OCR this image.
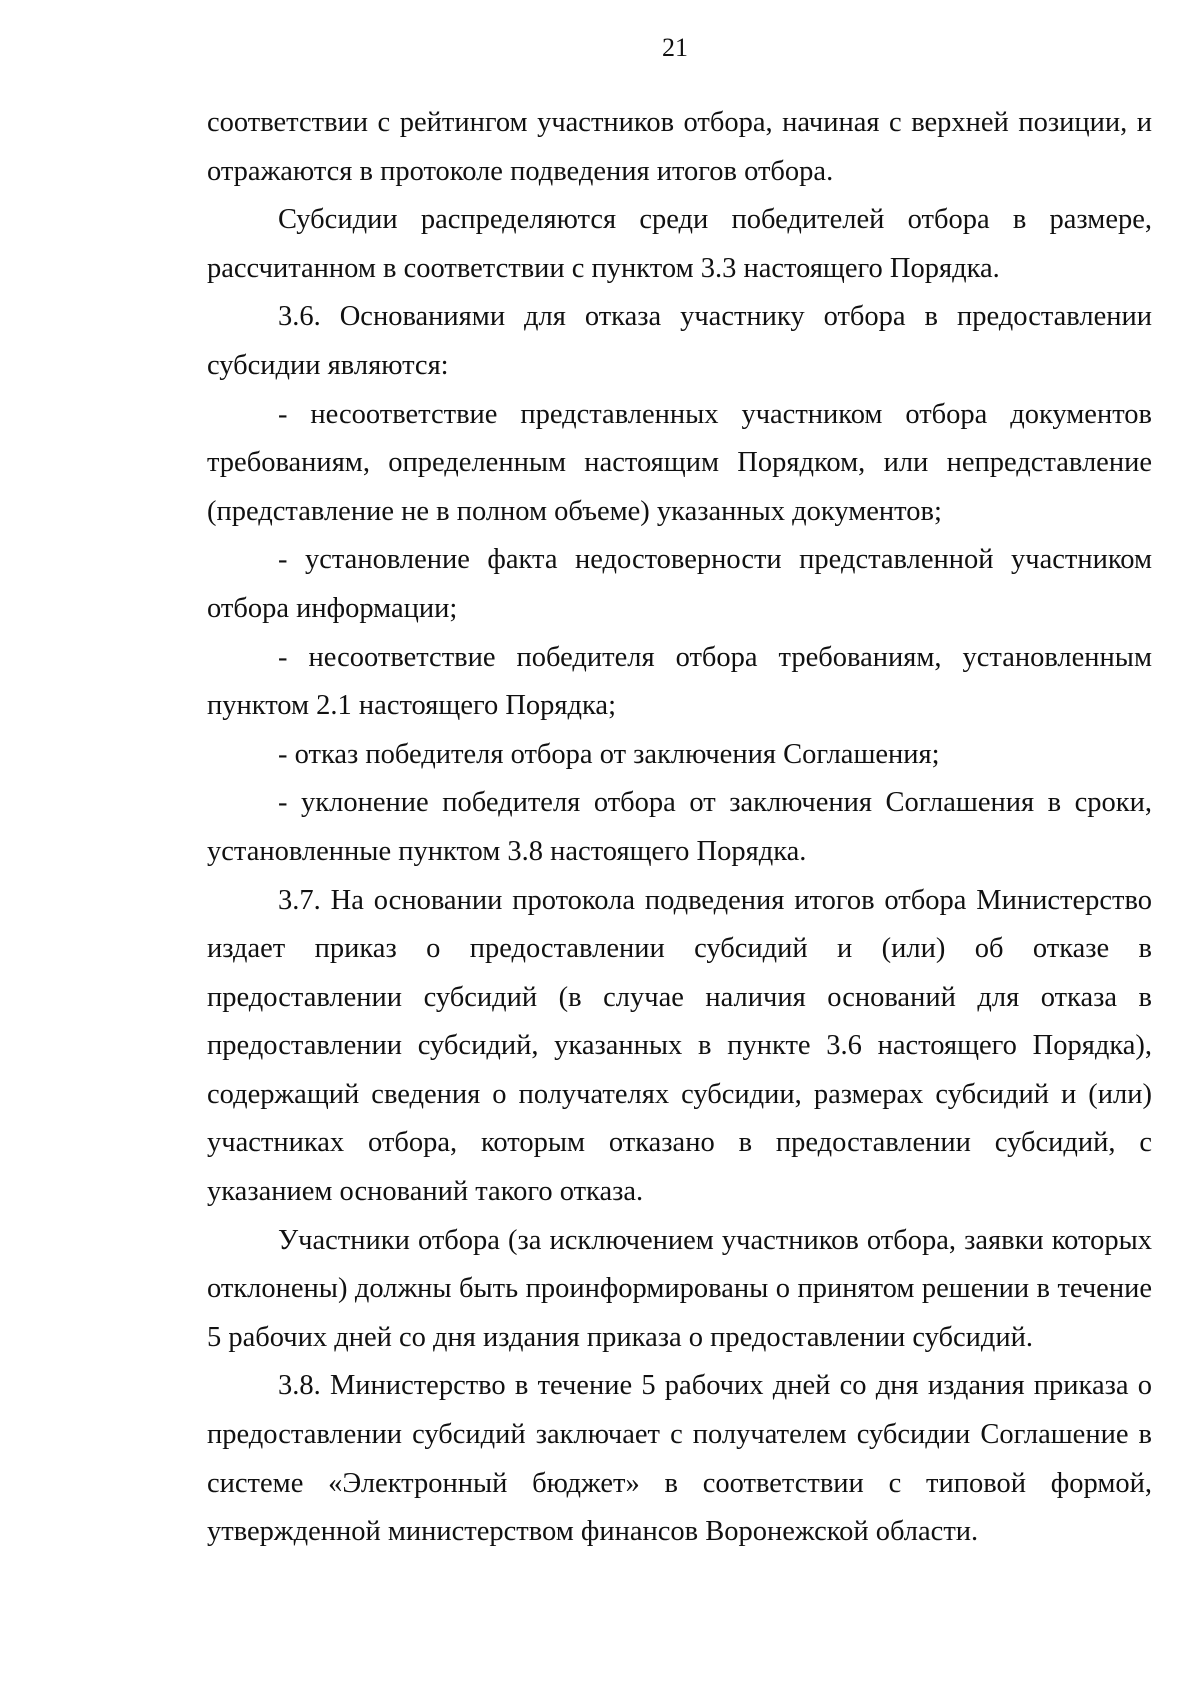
21

соответствии с рейтингом участников отбора, начиная с верхней позиции, и отражаются в протоколе подведения итогов отбора.

Субсидии распределяются среди победителей отбора в размере, рассчитанном в соответствии с пунктом 3.3 настоящего Порядка.

3.6. Основаниями для отказа участнику отбора в предоставлении субсидии являются:

- несоответствие представленных участником отбора документов требованиям, определенным настоящим Порядком, или непредставление (представление не в полном объеме) указанных документов;

- установление факта недостоверности представленной участником отбора информации;

- несоответствие победителя отбора требованиям, установленным пунктом 2.1 настоящего Порядка;

- отказ победителя отбора от заключения Соглашения;

- уклонение победителя отбора от заключения Соглашения в сроки, установленные пунктом 3.8 настоящего Порядка.

3.7. На основании протокола подведения итогов отбора Министерство издает приказ о предоставлении субсидий и (или) об отказе в предоставлении субсидий (в случае наличия оснований для отказа в предоставлении субсидий, указанных в пункте 3.6 настоящего Порядка), содержащий сведения о получателях субсидии, размерах субсидий и (или) участниках отбора, которым отказано в предоставлении субсидий, с указанием оснований такого отказа.

Участники отбора (за исключением участников отбора, заявки которых отклонены) должны быть проинформированы о принятом решении в течение 5 рабочих дней со дня издания приказа о предоставлении субсидий.

3.8. Министерство в течение 5 рабочих дней со дня издания приказа о предоставлении субсидий заключает с получателем субсидии Соглашение в системе «Электронный бюджет» в соответствии с типовой формой, утвержденной министерством финансов Воронежской области.
